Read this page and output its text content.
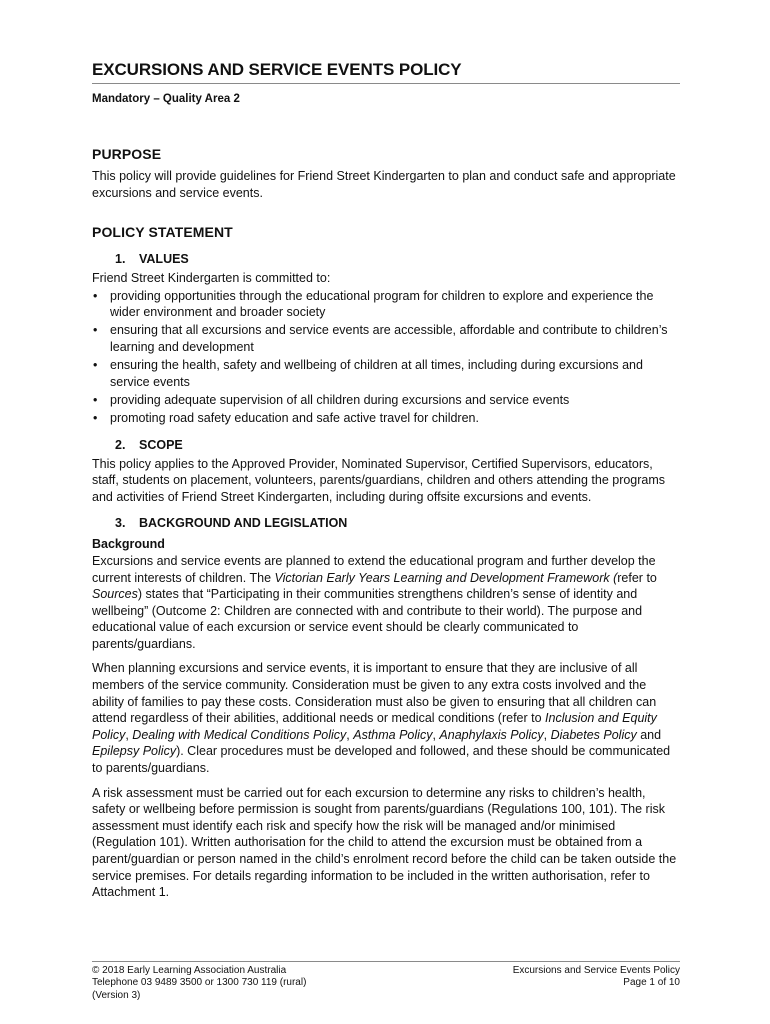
EXCURSIONS AND SERVICE EVENTS POLICY
Mandatory – Quality Area 2
PURPOSE

This policy will provide guidelines for Friend Street Kindergarten to plan and conduct safe and appropriate excursions and service events.

POLICY STATEMENT
1. VALUES

Friend Street Kindergarten is committed to:

• providing opportunities through the educational program for children to explore and experience the wider environment and broader society
• ensuring that all excursions and service events are accessible, affordable and contribute to children’s learning and development
• ensuring the health, safety and wellbeing of children at all times, including during excursions and service events
• providing adequate supervision of all children during excursions and service events
• promoting road safety education and safe active travel for children.
2. SCOPE

This policy applies to the Approved Provider, Nominated Supervisor, Certified Supervisors, educators, staff, students on placement, volunteers, parents/guardians, children and others attending the programs and activities of Friend Street Kindergarten, including during offsite excursions and events.

3. BACKGROUND AND LEGISLATION
Background

Excursions and service events are planned to extend the educational program and further develop the current interests of children. The Victorian Early Years Learning and Development Framework (refer to Sources) states that “Participating in their communities strengthens children’s sense of identity and wellbeing” (Outcome 2: Children are connected with and contribute to their world). The purpose and educational value of each excursion or service event should be clearly communicated to parents/guardians.

When planning excursions and service events, it is important to ensure that they are inclusive of all members of the service community. Consideration must be given to any extra costs involved and the ability of families to pay these costs. Consideration must also be given to ensuring that all children can attend regardless of their abilities, additional needs or medical conditions (refer to Inclusion and Equity Policy, Dealing with Medical Conditions Policy, Asthma Policy, Anaphylaxis Policy, Diabetes Policy and Epilepsy Policy). Clear procedures must be developed and followed, and these should be communicated to parents/guardians.

A risk assessment must be carried out for each excursion to determine any risks to children’s health, safety or wellbeing before permission is sought from parents/guardians (Regulations 100, 101). The risk assessment must identify each risk and specify how the risk will be managed and/or minimised (Regulation 101). Written authorisation for the child to attend the excursion must be obtained from a parent/guardian or person named in the child’s enrolment record before the child can be taken outside the service premises. For details regarding information to be included in the written authorisation, refer to Attachment 1.

© 2018 Early Learning Association Australia
Telephone 03 9489 3500 or 1300 730 119 (rural)
(Version 3)
Excursions and Service Events Policy
Page 1 of 10
